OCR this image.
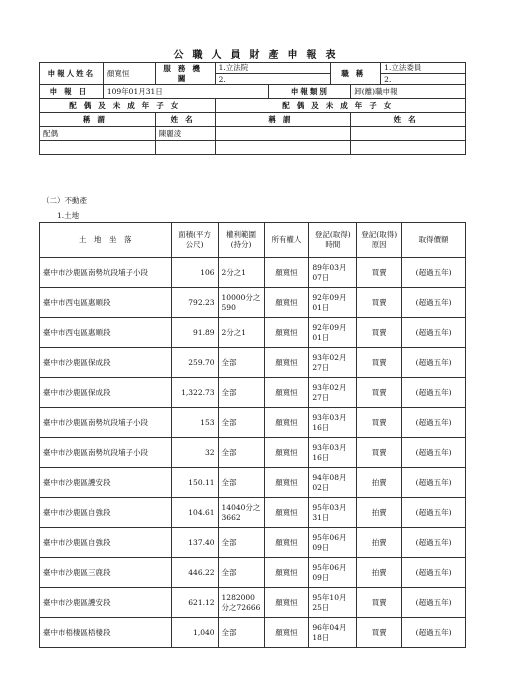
公職人員財產申報表
申報人姓名	顏寬恒	服務機關	1.立法院
2.		職稱		1.立法委員
2.

申報日	109年01月31日			申報類別		卸(離)職申報	
配偶及未成年子女			配偶及未成年子女				
稱謂		姓名	稱謂			姓名	
配偶		陳麗淩					

（二）不動產
1.土地
土　地　坐　落	面積(平方公尺)	權利範圍(持分)	所有權人	登記(取得)時間	登記(取得)原因	取得價額
臺中市沙鹿區南勢坑段埔子小段	106	2分之1	顏寬恒	89年03月07日	買賣	(超過五年)
臺中市西屯區惠順段	792.23	10000分之590	顏寬恒	92年09月01日	買賣	(超過五年)
臺中市西屯區惠順段	91.89	2分之1	顏寬恒	92年09月01日	買賣	(超過五年)
臺中市沙鹿區保成段	259.70	全部	顏寬恒	93年02月27日	買賣	(超過五年)
臺中市沙鹿區保成段	1,322.73	全部	顏寬恒	93年02月27日	買賣	(超過五年)
臺中市沙鹿區南勢坑段埔子小段	153	全部	顏寬恒	93年03月16日	買賣	(超過五年)
臺中市沙鹿區南勢坑段埔子小段	32	全部	顏寬恒	93年03月16日	買賣	(超過五年)
臺中市沙鹿區護安段	150.11	全部	顏寬恒	94年08月02日	拍賣	(超過五年)
臺中市沙鹿區自強段	104.61	14040分之3662	顏寬恒	95年03月31日	拍賣	(超過五年)
臺中市沙鹿區自強段	137.40	全部	顏寬恒	95年06月09日	拍賣	(超過五年)
臺中市沙鹿區三鹿段	446.22	全部	顏寬恒	95年06月09日	拍賣	(超過五年)
臺中市沙鹿區護安段	621.12	1282000分之72666	顏寬恒	95年10月25日	買賣	(超過五年)
臺中市梧棲區梧棲段	1,040	全部	顏寬恒	96年04月18日	買賣	(超過五年)
